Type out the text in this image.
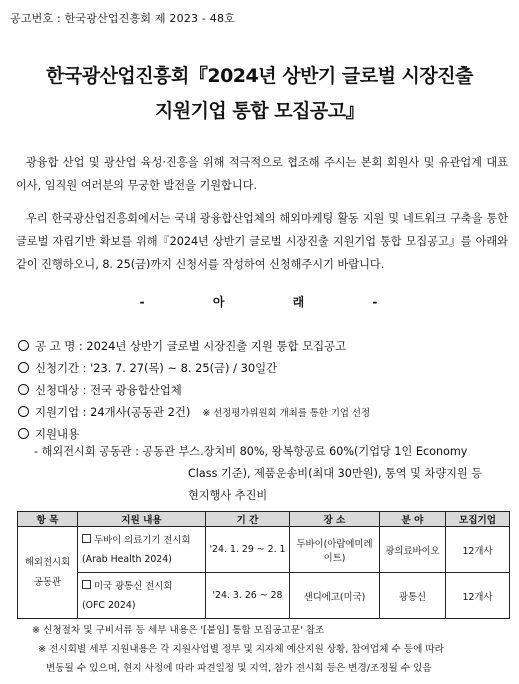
공고번호 : 한국광산업진흥회 제 2023 - 48호
한국광산업진흥회『2024년 상반기 글로벌 시장진출
지원기업 통합 모집공고』
광융합 산업 및 광산업 육성·진흥을 위해 적극적으로 협조해 주시는 본회 회원사 및 유관업계 대표이사, 임직원 여러분의 무궁한 발전을 기원합니다.
우리 한국광산업진흥회에서는 국내 광융합산업체의 해외마케팅 활동 지원 및 네트워크 구축을 통한 글로벌 자립기반 확보를 위해『2024년 상반기 글로벌 시장진출 지원기업 통합 모집공고』를 아래와 같이 진행하오니, 8. 25(금)까지 신청서를 작성하여 신청해주시기 바랍니다.
- 아 래 -
공 고 명 : 2024년 상반기 글로벌 시장진출 지원 통합 모집공고
신청기간 : '23. 7. 27(목) ~ 8. 25(금) / 30일간
신청대상 : 전국 광융합산업체
지원기업 : 24개사(공동관 2건) ※ 선정평가위원회 개최를 통한 기업 선정
지원내용
- 해외전시회 공동관 : 공동관 부스.장치비 80%, 왕복항공료 60%(기업당 1인 Economy
Class 기준), 제품운송비(최대 30만원), 통역 및 차량지원 등
현지행사 추진비
항 목	지원 내용	기 간	장 소	분 야	모집기업
해외전시회 공동관	두바이 의료기기 전시회
(Arab Health 2024)	'24. 1. 29 ~ 2. 1	두바이(아랍에미레이트)	광의료바이오	12개사
	미국 광통신 전시회
(OFC 2024)	'24. 3. 26 ~ 28	샌디에고(미국)	광통신	12개사
※ 신청절차 및 구비서류 등 세부 내용은 '[붙임] 통합 모집공고문' 참조
※ 전시회별 세부 지원내용은 각 지원사업별 정부 및 지자체 예산지원 상황, 참여업체 수 등에 따라
변동될 수 있으며, 현지 사정에 따라 파견일정 및 지역, 참가 전시회 등은 변경/조정될 수 있음
